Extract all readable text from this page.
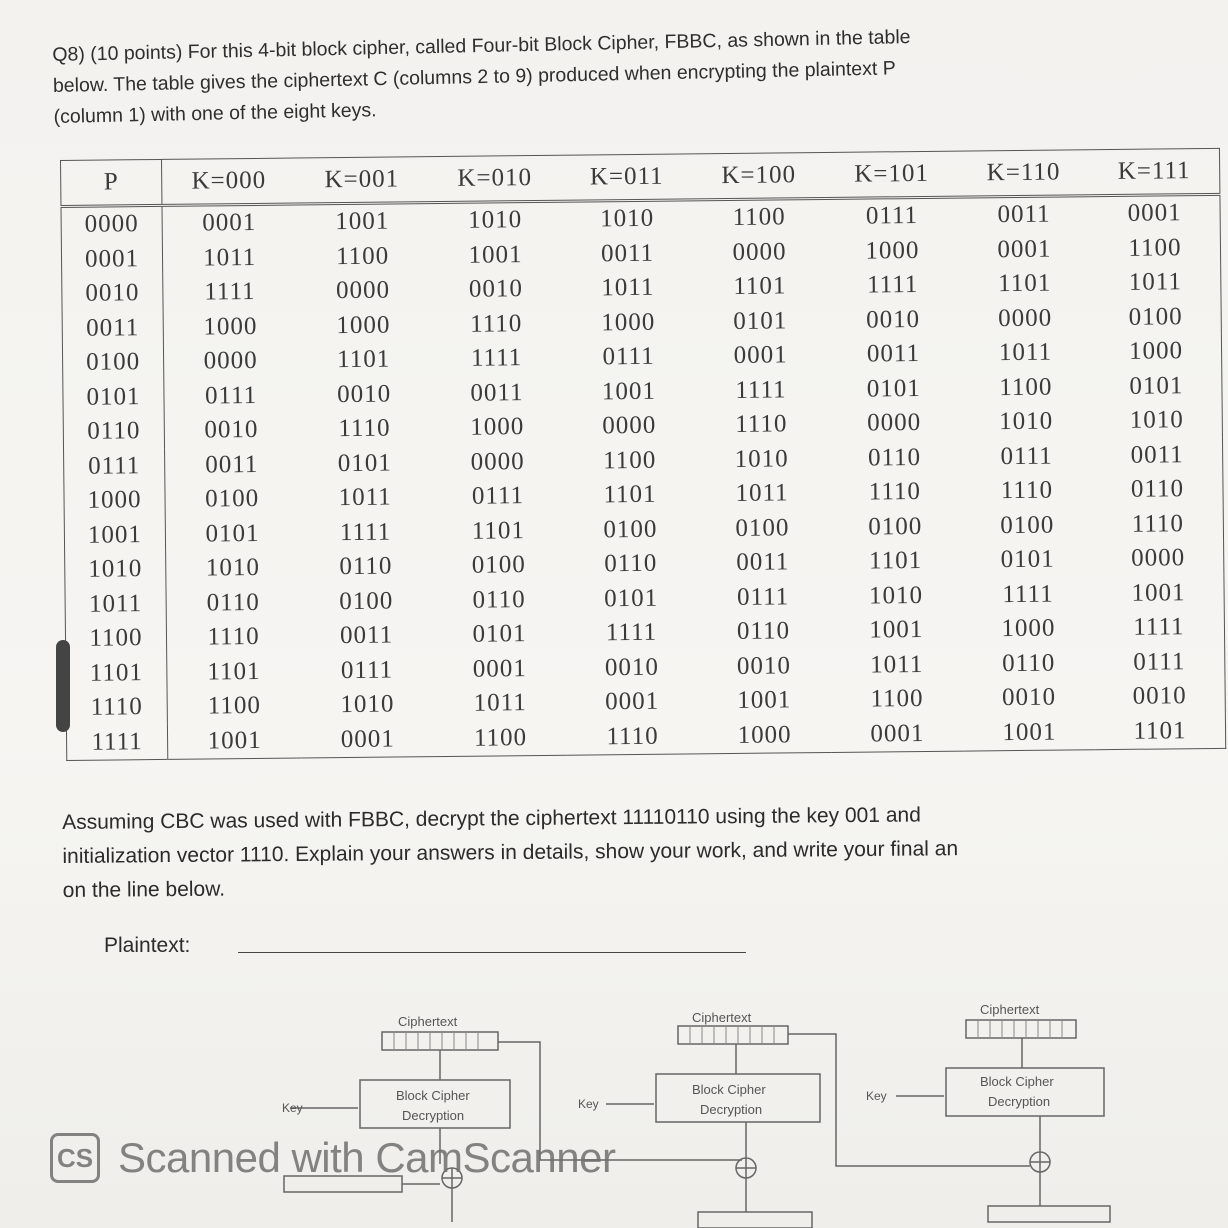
Q8) (10 points) For this 4-bit block cipher, called Four-bit Block Cipher, FBBC, as shown in the table

below. The table gives the ciphertext C (columns 2 to 9) produced when encrypting the plaintext P

(column 1) with one of the eight keys.

P	K=000	K=001	K=010	K=011	K=100	K=101	K=110	K=111
0000	0001	1001	1010	1010	1100	0111	0011	0001
0001	1011	1100	1001	0011	0000	1000	0001	1100
0010	1111	0000	0010	1011	1101	1111	1101	1011
0011	1000	1000	1110	1000	0101	0010	0000	0100
0100	0000	1101	1111	0111	0001	0011	1011	1000
0101	0111	0010	0011	1001	1111	0101	1100	0101
0110	0010	1110	1000	0000	1110	0000	1010	1010
0111	0011	0101	0000	1100	1010	0110	0111	0011
1000	0100	1011	0111	1101	1011	1110	1110	0110
1001	0101	1111	1101	0100	0100	0100	0100	1110
1010	1010	0110	0100	0110	0011	1101	0101	0000
1011	0110	0100	0110	0101	0111	1010	1111	1001
1100	1110	0011	0101	1111	0110	1001	1000	1111
1101	1101	0111	0001	0010	0010	1011	0110	0111
1110	1100	1010	1011	0001	1001	1100	0010	0010
1111	1001	0001	1100	1110	1000	0001	1001	1101

Assuming CBC was used with FBBC, decrypt the ciphertext 11110110 using the key 001 and

initialization vector 1110. Explain your answers in details, show your work, and write your final an

on the line below.

Plaintext:
Ciphertext	Ciphertext
Ciphertext
Block Cipher
Decryption
Block Cipher
Decryption
Block Cipher
Decryption
Key	Key
Key
CS Scanned with CamScanner
